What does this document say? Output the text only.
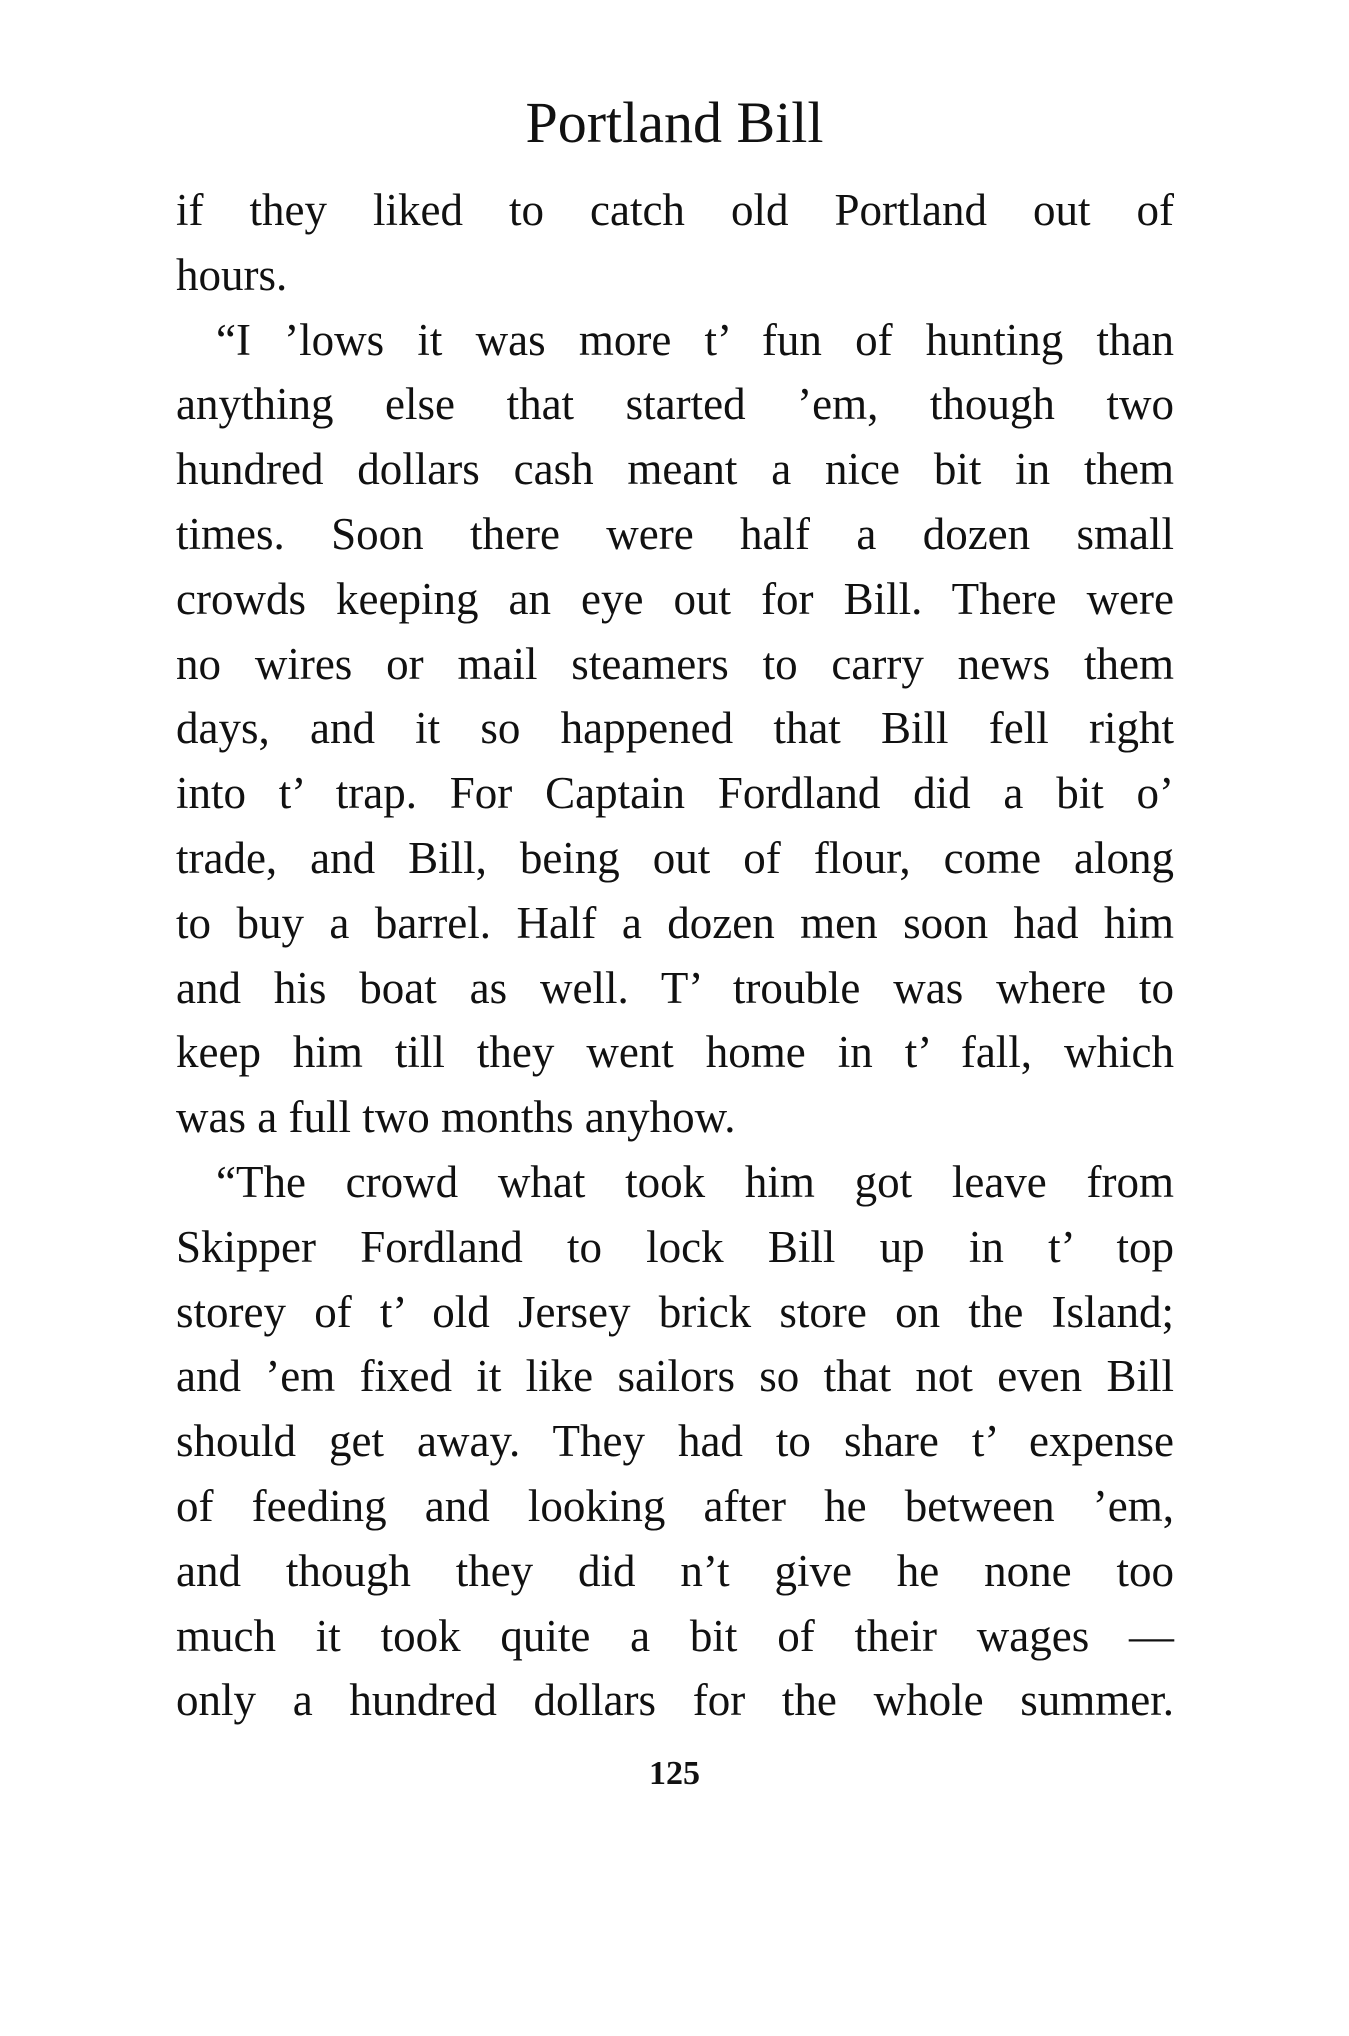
Portland Bill
if they liked to catch old Portland out of
hours.
“I ’lows it was more t’ fun of hunting than
anything else that started ’em, though two
hundred dollars cash meant a nice bit in them
times. Soon there were half a dozen small
crowds keeping an eye out for Bill. There were
no wires or mail steamers to carry news them
days, and it so happened that Bill fell right
into t’ trap. For Captain Fordland did a bit o’
trade, and Bill, being out of flour, come along
to buy a barrel. Half a dozen men soon had him
and his boat as well. T’ trouble was where to
keep him till they went home in t’ fall, which
was a full two months anyhow.
“The crowd what took him got leave from
Skipper Fordland to lock Bill up in t’ top
storey of t’ old Jersey brick store on the Island;
and ’em fixed it like sailors so that not even Bill
should get away. They had to share t’ expense
of feeding and looking after he between ’em,
and though they did n’t give he none too
much it took quite a bit of their wages —
only a hundred dollars for the whole summer.
125
